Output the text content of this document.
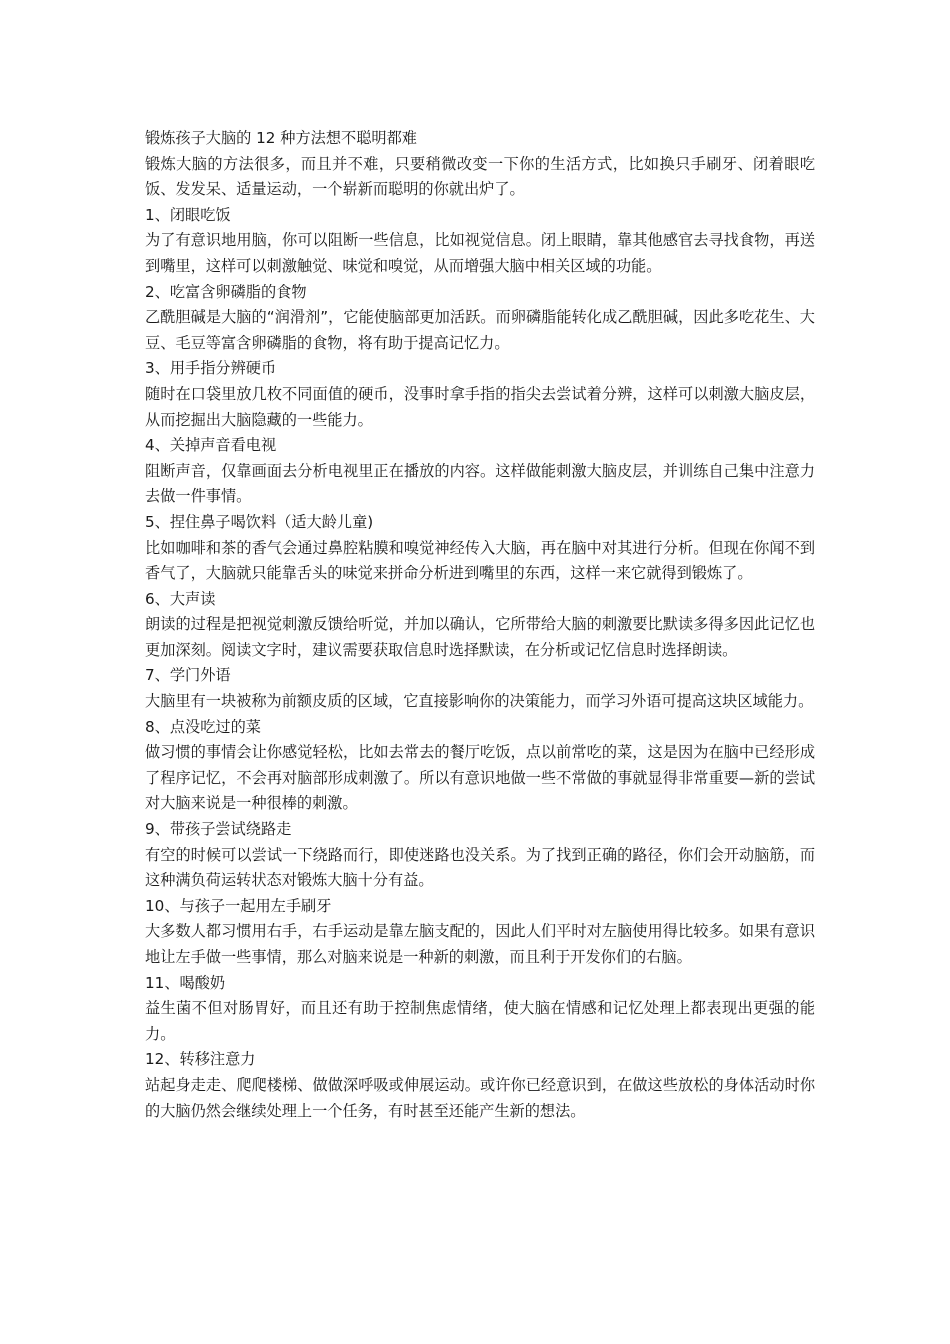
锻炼孩子大脑的 12 种方法想不聪明都难

锻炼大脑的方法很多，而且并不难，只要稍微改变一下你的生活方式，比如换只手刷牙、闭着眼吃饭、发发呆、适量运动，一个崭新而聪明的你就出炉了。

1、闭眼吃饭

为了有意识地用脑，你可以阻断一些信息，比如视觉信息。闭上眼睛，靠其他感官去寻找食物，再送到嘴里，这样可以刺激触觉、味觉和嗅觉，从而增强大脑中相关区域的功能。

2、吃富含卵磷脂的食物

乙酰胆碱是大脑的“润滑剂”，它能使脑部更加活跃。而卵磷脂能转化成乙酰胆碱，因此多吃花生、大豆、毛豆等富含卵磷脂的食物，将有助于提高记忆力。

3、用手指分辨硬币

随时在口袋里放几枚不同面值的硬币，没事时拿手指的指尖去尝试着分辨，这样可以刺激大脑皮层，从而挖掘出大脑隐藏的一些能力。

4、关掉声音看电视

阻断声音，仅靠画面去分析电视里正在播放的内容。这样做能刺激大脑皮层，并训练自己集中注意力去做一件事情。

5、捏住鼻子喝饮料（适大龄儿童)

比如咖啡和茶的香气会通过鼻腔粘膜和嗅觉神经传入大脑，再在脑中对其进行分析。但现在你闻不到香气了，大脑就只能靠舌头的味觉来拼命分析进到嘴里的东西，这样一来它就得到锻炼了。

6、大声读

朗读的过程是把视觉刺激反馈给听觉，并加以确认，它所带给大脑的刺激要比默读多得多因此记忆也更加深刻。阅读文字时，建议需要获取信息时选择默读，在分析或记忆信息时选择朗读。

7、学门外语

大脑里有一块被称为前额皮质的区域，它直接影响你的决策能力，而学习外语可提高这块区域能力。

8、点没吃过的菜

做习惯的事情会让你感觉轻松，比如去常去的餐厅吃饭，点以前常吃的菜，这是因为在脑中已经形成了程序记忆，不会再对脑部形成刺激了。所以有意识地做一些不常做的事就显得非常重要—新的尝试对大脑来说是一种很棒的刺激。

9、带孩子尝试绕路走

有空的时候可以尝试一下绕路而行，即使迷路也没关系。为了找到正确的路径，你们会开动脑筋，而这种满负荷运转状态对锻炼大脑十分有益。

10、与孩子一起用左手刷牙

大多数人都习惯用右手，右手运动是靠左脑支配的，因此人们平时对左脑使用得比较多。如果有意识地让左手做一些事情，那么对脑来说是一种新的刺激，而且利于开发你们的右脑。

11、喝酸奶

益生菌不但对肠胃好，而且还有助于控制焦虑情绪，使大脑在情感和记忆处理上都表现出更强的能力。

12、转移注意力

站起身走走、爬爬楼梯、做做深呼吸或伸展运动。或许你已经意识到，在做这些放松的身体活动时你的大脑仍然会继续处理上一个任务，有时甚至还能产生新的想法。
